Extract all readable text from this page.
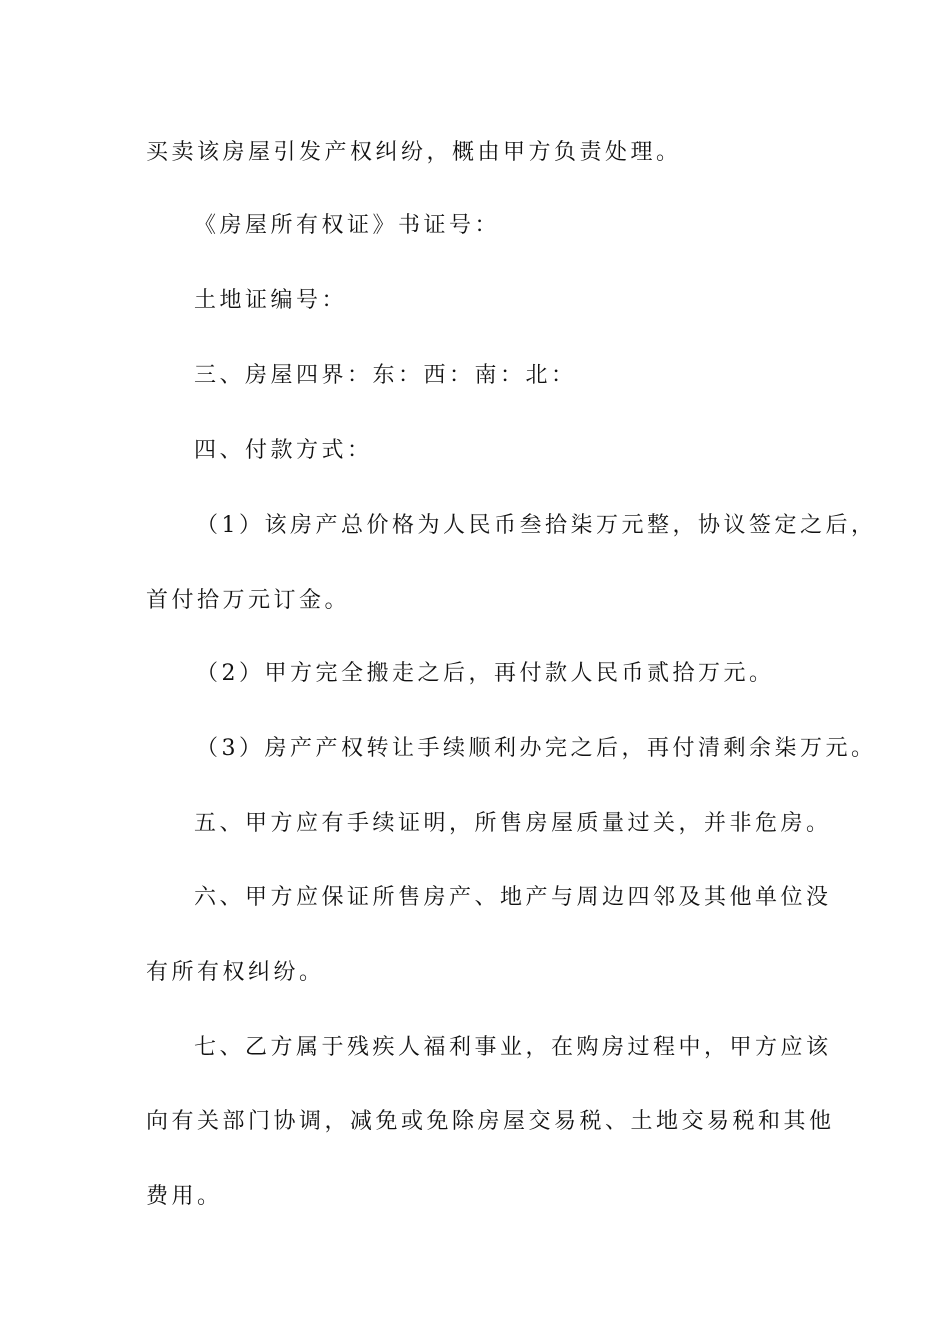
买卖该房屋引发产权纠纷，概由甲方负责处理。
《房屋所有权证》书证号：
土地证编号：
三、房屋四界：东：西：南：北：
四、付款方式：
（1）该房产总价格为人民币叁拾柒万元整，协议签定之后，
首付拾万元订金。
（2）甲方完全搬走之后，再付款人民币贰拾万元。
（3）房产产权转让手续顺利办完之后，再付清剩余柒万元。
五、甲方应有手续证明，所售房屋质量过关，并非危房。
六、甲方应保证所售房产、地产与周边四邻及其他单位没
有所有权纠纷。
七、乙方属于残疾人福利事业，在购房过程中，甲方应该
向有关部门协调，减免或免除房屋交易税、土地交易税和其他
费用。
